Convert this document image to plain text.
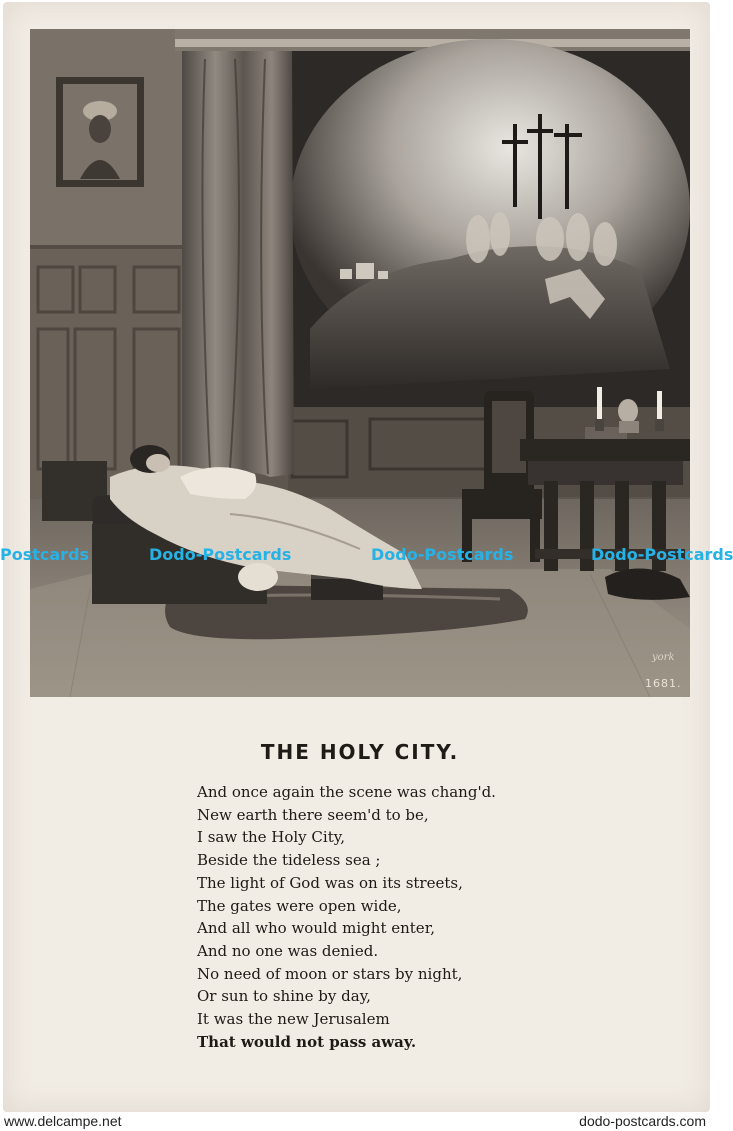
york
1681.
THE HOLY CITY.
And once again the scene was chang'd.
New earth there seem'd to be,
I saw the Holy City,
Beside the tideless sea ;
The light of God was on its streets,
The gates were open wide,
And all who would might enter,
And no one was denied.
No need of moon or stars by night,
Or sun to shine by day,
It was the new Jerusalem
That would not pass away.
Postcards	Dodo-Postcards	Dodo-Postcards	Dodo-Postcards
www.delcampe.net	dodo-postcards.com
